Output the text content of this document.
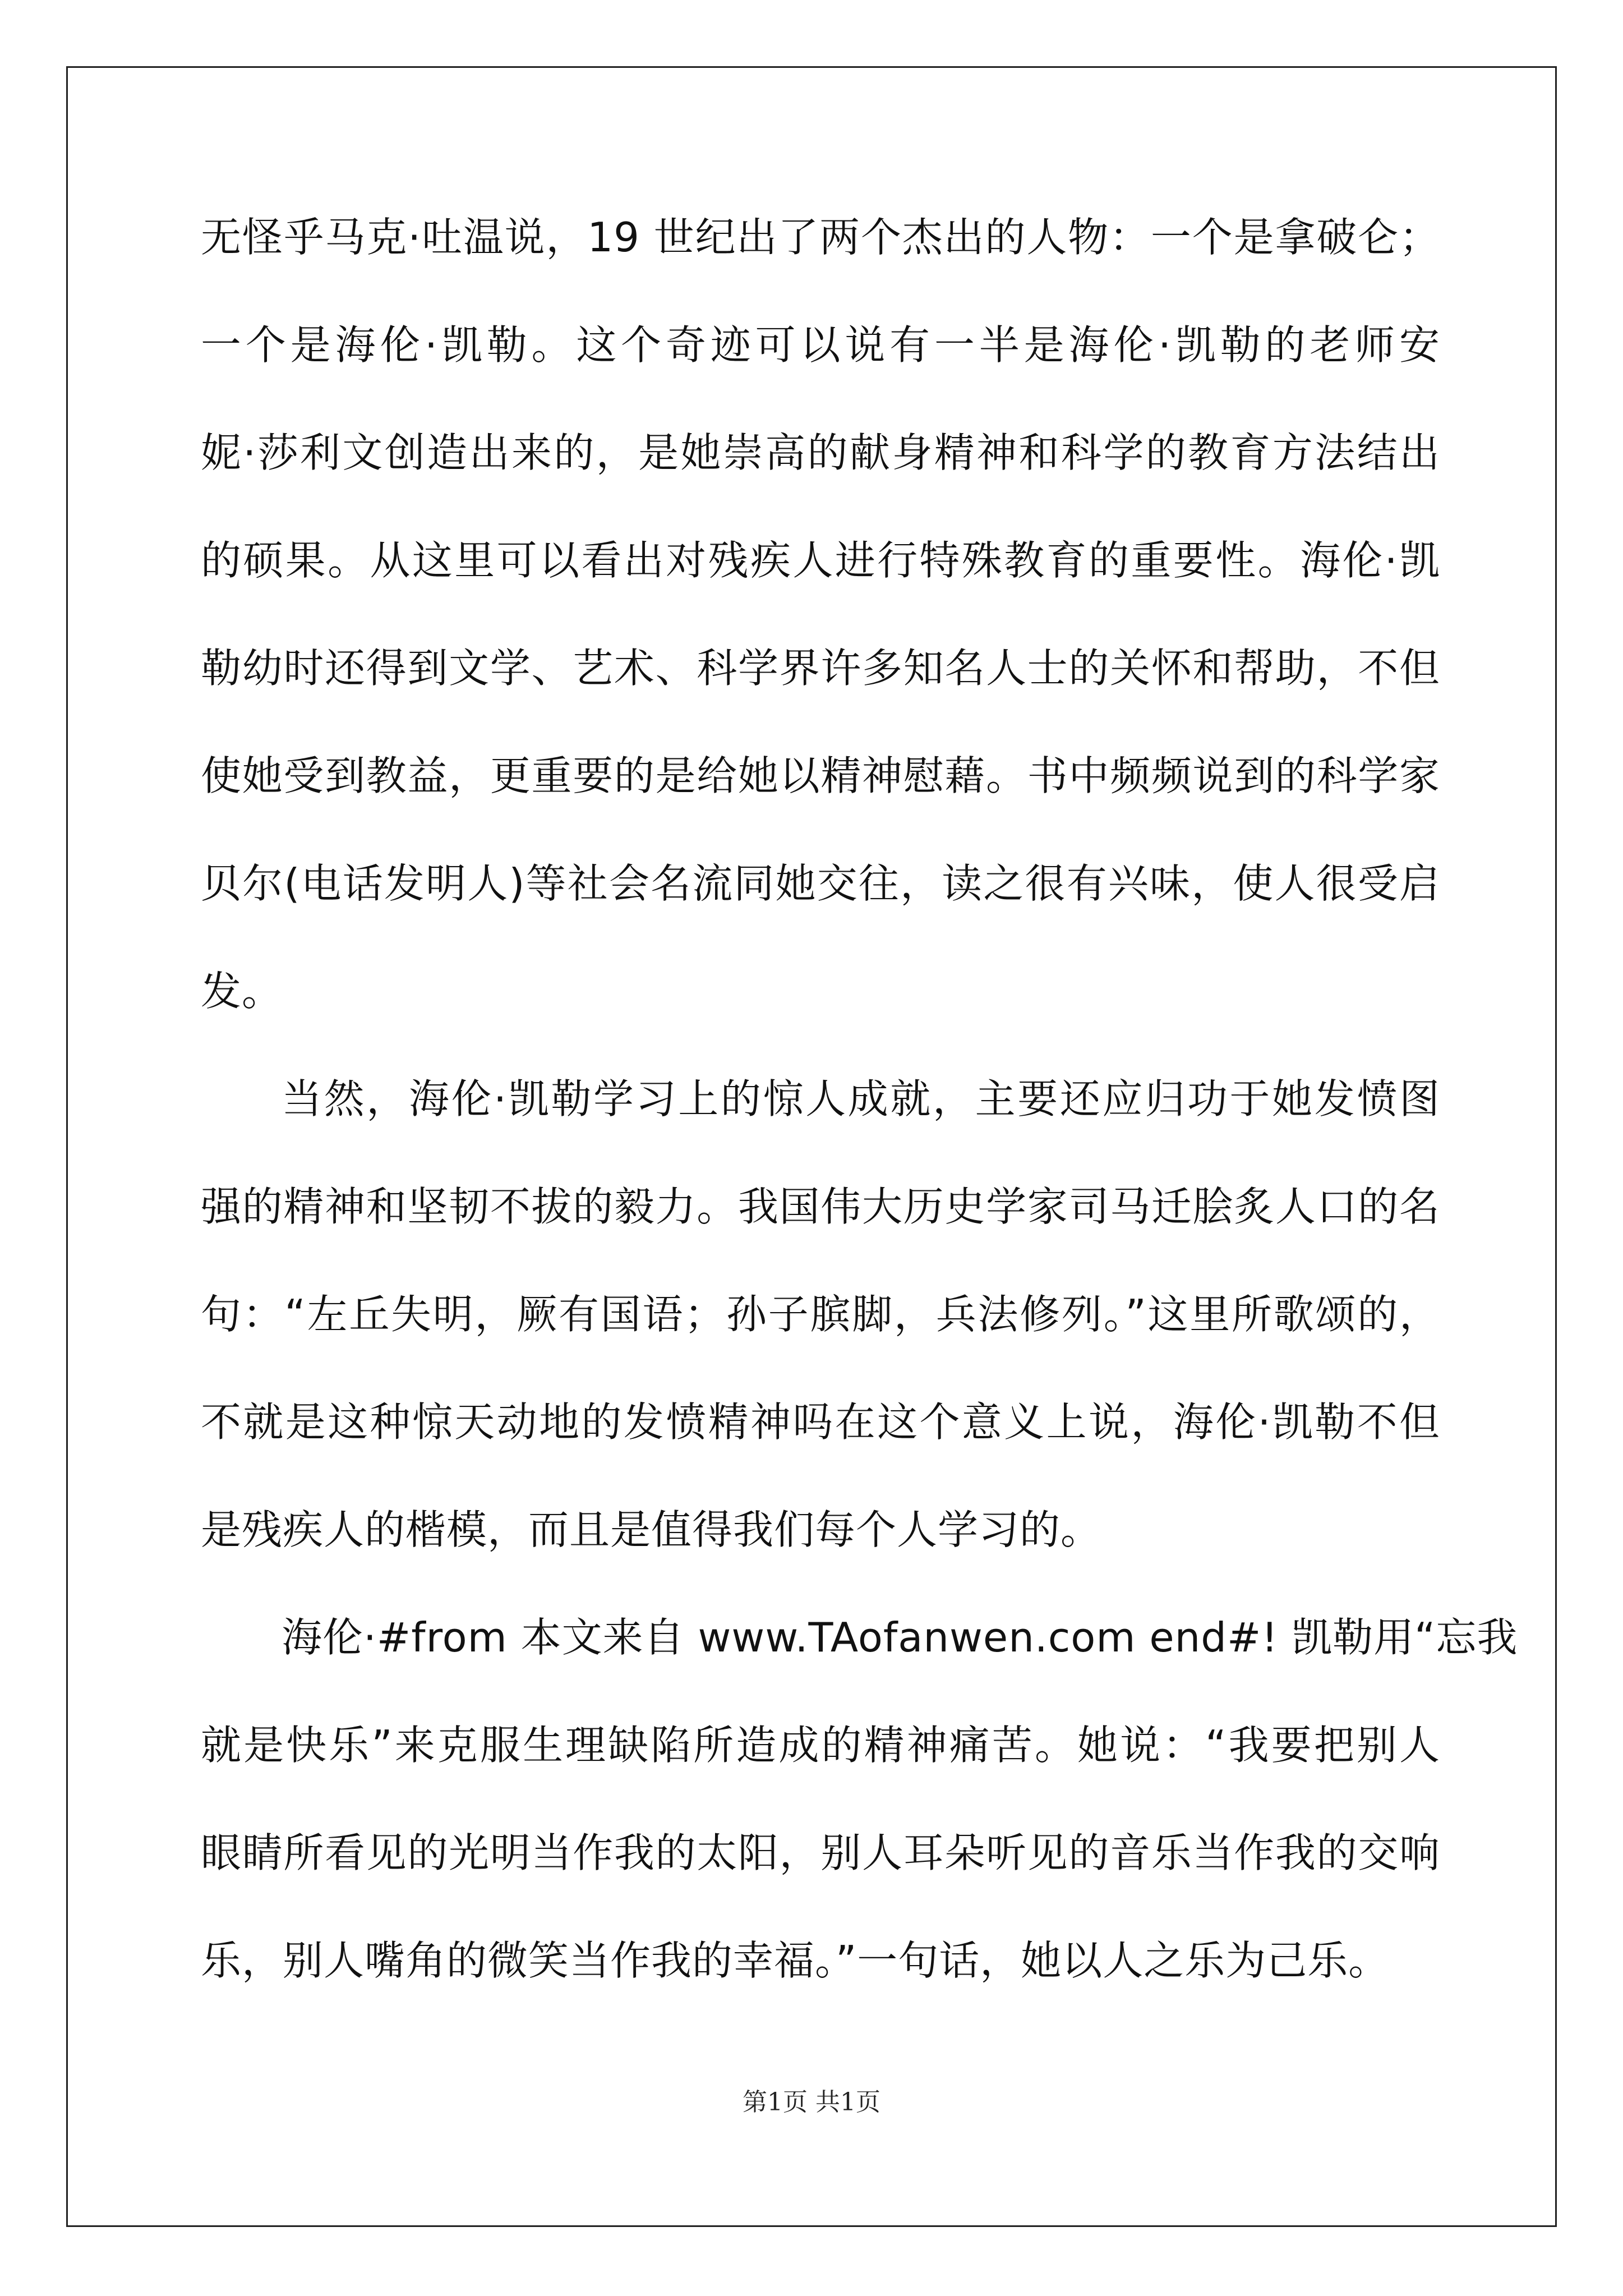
无怪乎马克·吐温说，19 世纪出了两个杰出的人物：一个是拿破仑；
一个是海伦·凯勒。这个奇迹可以说有一半是海伦·凯勒的老师安
妮·莎利文创造出来的，是她崇高的献身精神和科学的教育方法结出
的硕果。从这里可以看出对残疾人进行特殊教育的重要性。海伦·凯
勒幼时还得到文学、艺术、科学界许多知名人士的关怀和帮助，不但
使她受到教益，更重要的是给她以精神慰藉。书中频频说到的科学家
贝尔(电话发明人)等社会名流同她交往，读之很有兴味，使人很受启
发。
当然，海伦·凯勒学习上的惊人成就，主要还应归功于她发愤图
强的精神和坚韧不拔的毅力。我国伟大历史学家司马迁脍炙人口的名
句：“左丘失明，厥有国语；孙子膑脚，兵法修列。”这里所歌颂的，
不就是这种惊天动地的发愤精神吗在这个意义上说，海伦·凯勒不但
是残疾人的楷模，而且是值得我们每个人学习的。
海伦·#from 本文来自 www.TAofanwen.com end#! 凯勒用“忘我
就是快乐”来克服生理缺陷所造成的精神痛苦。她说：“我要把别人
眼睛所看见的光明当作我的太阳，别人耳朵听见的音乐当作我的交响
乐，别人嘴角的微笑当作我的幸福。”一句话，她以人之乐为己乐。
第1页 共1页
